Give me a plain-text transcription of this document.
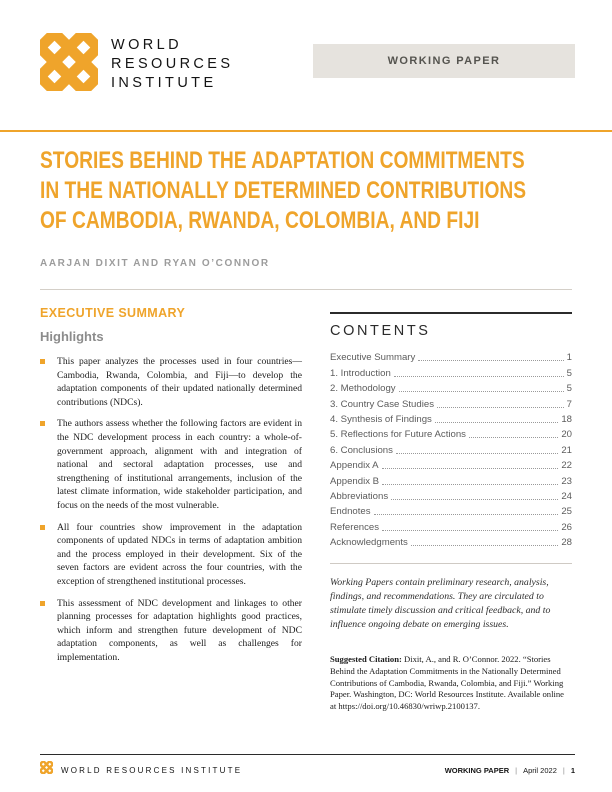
WORLD
RESOURCES
INSTITUTE
WORKING PAPER
STORIES BEHIND THE ADAPTATION COMMITMENTS
IN THE NATIONALLY DETERMINED CONTRIBUTIONS
OF CAMBODIA, RWANDA, COLOMBIA, AND FIJI
AARJAN DIXIT AND RYAN O’CONNOR
EXECUTIVE SUMMARY
Highlights
This paper analyzes the processes used in four countries—Cambodia, Rwanda, Colombia, and Fiji—to develop the adaptation components of their updated nationally determined contributions (NDCs).
The authors assess whether the following factors are evident in the NDC development process in each country: a whole-of-government approach, alignment with and integration of national and sectoral adaptation processes, use and strengthening of institutional arrangements, inclusion of the latest climate information, wide stakeholder participation, and focus on the needs of the most vulnerable.
All four countries show improvement in the adaptation components of updated NDCs in terms of adaptation ambition and the process employed in their development. Six of the seven factors are evident across the four countries, with the exception of strengthened institutional processes.
This assessment of NDC development and linkages to other planning processes for adaptation highlights good practices, which inform and strengthen future development of NDC adaptation components, as well as challenges for implementation.
CONTENTS
Executive Summary	1
1. Introduction	5
2. Methodology	5
3. Country Case Studies	7
4. Synthesis of Findings	18
5. Reflections for Future Actions	20
6. Conclusions	21
Appendix A	22
Appendix B	23
Abbreviations	24
Endnotes	25
References	26
Acknowledgments	28

Working Papers contain preliminary research, analysis, findings, and recommendations. They are circulated to stimulate timely discussion and critical feedback, and to influence ongoing debate on emerging issues.

Suggested Citation: Dixit, A., and R. O’Connor. 2022. “Stories Behind the Adaptation Commitments in the Nationally Determined Contributions of Cambodia, Rwanda, Colombia, and Fiji.” Working Paper. Washington, DC: World Resources Institute. Available online at https://doi.org/10.46830/wriwp.2100137.

WORLD RESOURCES INSTITUTE	WORKING PAPER | April 2022 | 1
